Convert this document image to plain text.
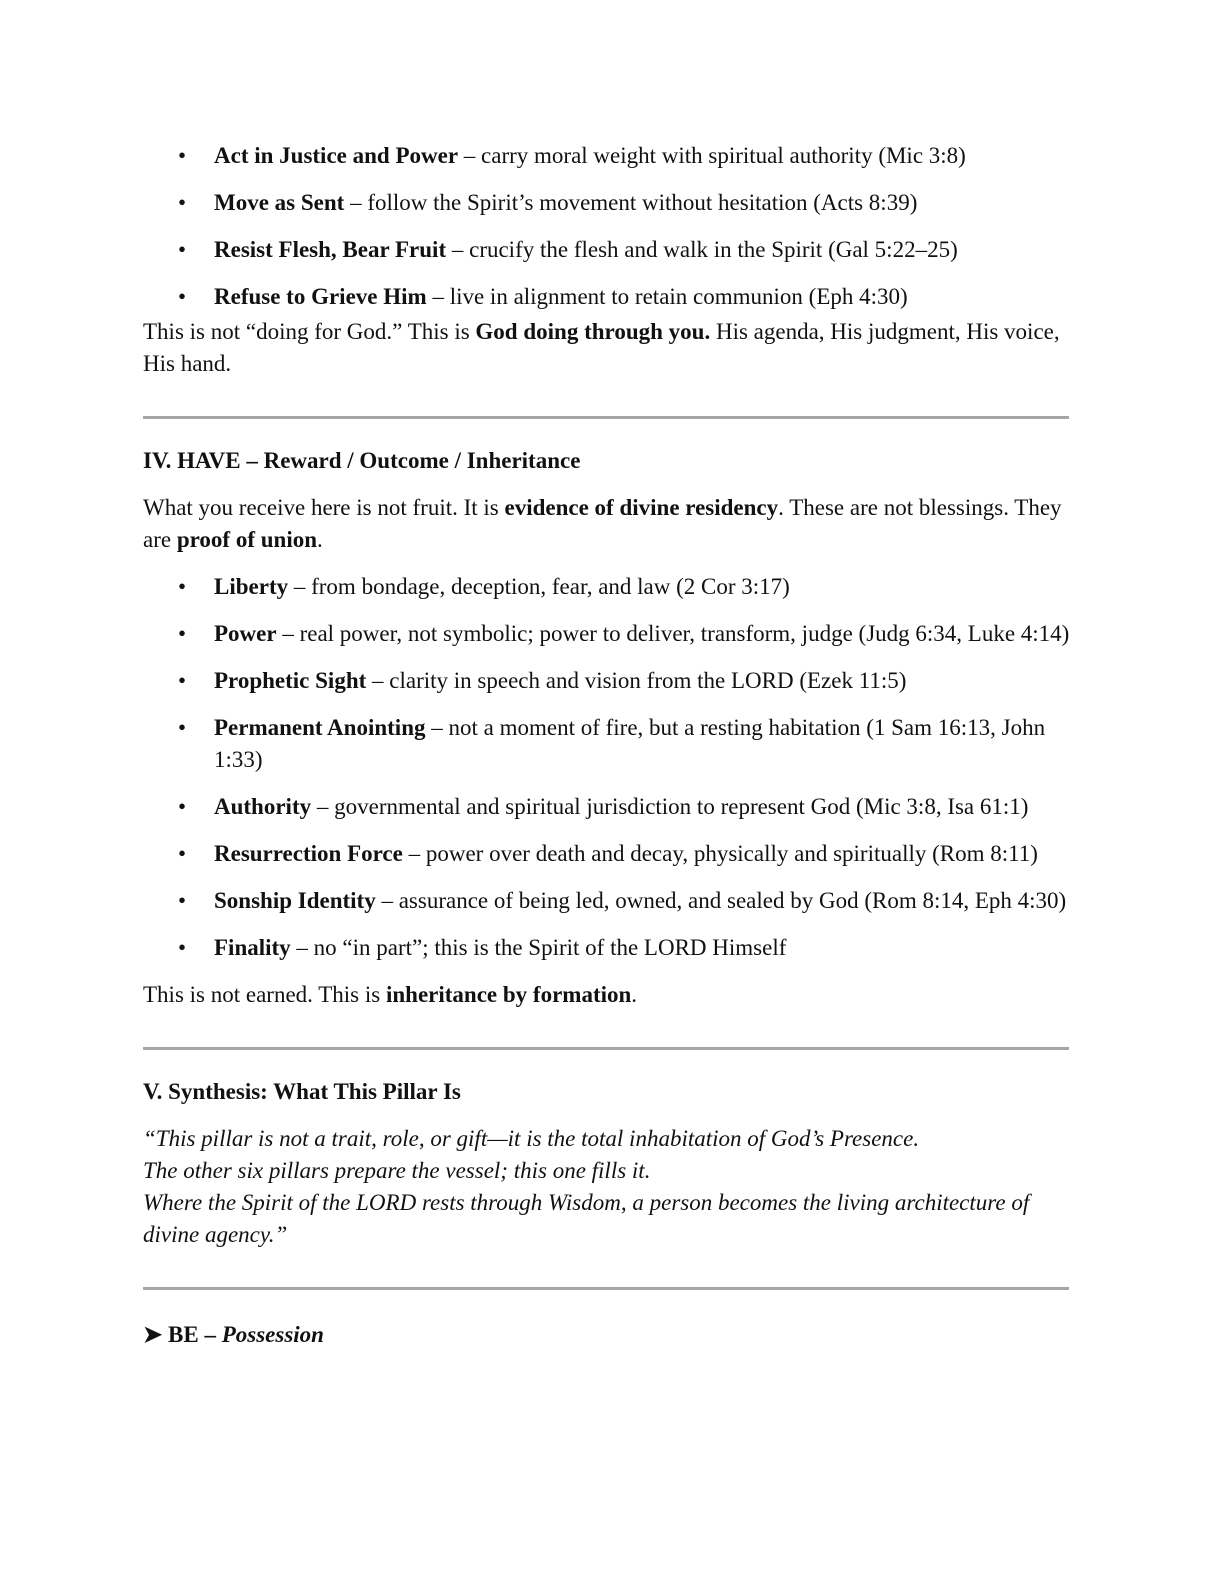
• Act in Justice and Power – carry moral weight with spiritual authority (Mic 3:8)
• Move as Sent – follow the Spirit’s movement without hesitation (Acts 8:39)
• Resist Flesh, Bear Fruit – crucify the flesh and walk in the Spirit (Gal 5:22–25)
• Refuse to Grieve Him – live in alignment to retain communion (Eph 4:30)

This is not “doing for God.” This is God doing through you. His agenda, His judgment, His voice, His hand.

IV. HAVE – Reward / Outcome / Inheritance

What you receive here is not fruit. It is evidence of divine residency. These are not blessings. They are proof of union.

• Liberty – from bondage, deception, fear, and law (2 Cor 3:17)
• Power – real power, not symbolic; power to deliver, transform, judge (Judg 6:34, Luke 4:14)
• Prophetic Sight – clarity in speech and vision from the LORD (Ezek 11:5)
• Permanent Anointing – not a moment of fire, but a resting habitation (1 Sam 16:13, John 1:33)
• Authority – governmental and spiritual jurisdiction to represent God (Mic 3:8, Isa 61:1)
• Resurrection Force – power over death and decay, physically and spiritually (Rom 8:11)
• Sonship Identity – assurance of being led, owned, and sealed by God (Rom 8:14, Eph 4:30)
• Finality – no “in part”; this is the Spirit of the LORD Himself

This is not earned. This is inheritance by formation.

V. Synthesis: What This Pillar Is
“This pillar is not a trait, role, or gift—it is the total inhabitation of God’s Presence.
The other six pillars prepare the vessel; this one fills it.
Where the Spirit of the LORD rests through Wisdom, a person becomes the living architecture of divine agency.”
➤ BE – Possession
